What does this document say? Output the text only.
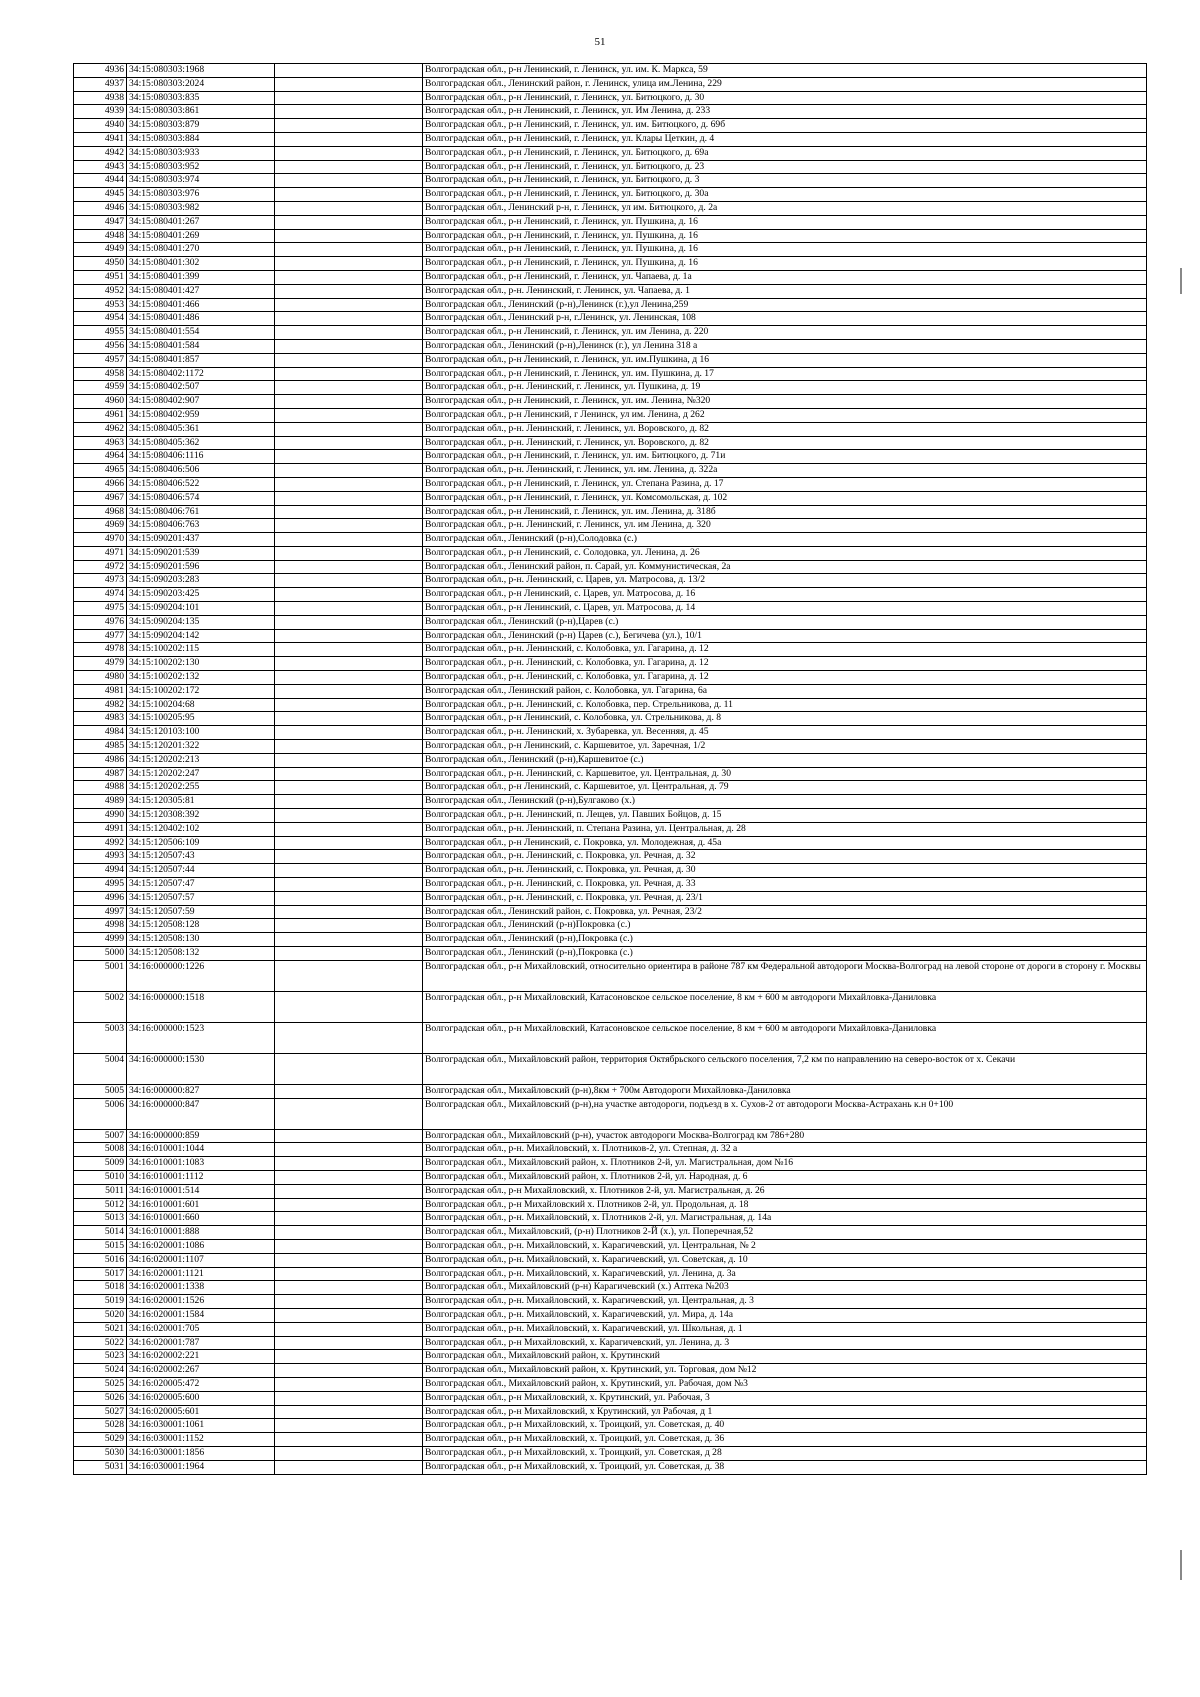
51
4936	34:15:080303:1968		Волгоградская обл., р-н Ленинский, г. Ленинск, ул. им. К. Маркса, 59
4937	34:15:080303:2024		Волгоградская обл., Ленинский район, г. Ленинск, улица им.Ленина, 229
4938	34:15:080303:835		Волгоградская обл., р-н Ленинский, г. Ленинск, ул. Битюцкого, д. 30
4939	34:15:080303:861		Волгоградская обл., р-н Ленинский, г. Ленинск, ул. Им Ленина, д. 233
4940	34:15:080303:879		Волгоградская обл., р-н Ленинский, г. Ленинск, ул. им. Битюцкого, д. 69б
4941	34:15:080303:884		Волгоградская обл., р-н Ленинский, г. Ленинск, ул. Клары Цеткин, д. 4
4942	34:15:080303:933		Волгоградская обл., р-н Ленинский, г. Ленинск, ул. Битюцкого, д. 69а
4943	34:15:080303:952		Волгоградская обл., р-н Ленинский, г. Ленинск, ул. Битюцкого, д. 23
4944	34:15:080303:974		Волгоградская обл., р-н Ленинский, г. Ленинск, ул. Битюцкого, д. 3
4945	34:15:080303:976		Волгоградская обл., р-н Ленинский, г. Ленинск, ул. Битюцкого, д. 30а
4946	34:15:080303:982		Волгоградская обл., Ленинский р-н, г. Ленинск, ул им. Битюцкого, д. 2а
4947	34:15:080401:267		Волгоградская обл., р-н Ленинский, г. Ленинск, ул. Пушкина, д. 16
4948	34:15:080401:269		Волгоградская обл., р-н Ленинский, г. Ленинск, ул. Пушкина, д. 16
4949	34:15:080401:270		Волгоградская обл., р-н Ленинский, г. Ленинск, ул. Пушкина, д. 16
4950	34:15:080401:302		Волгоградская обл., р-н Ленинский, г. Ленинск, ул. Пушкина, д. 16
4951	34:15:080401:399		Волгоградская обл., р-н Ленинский, г. Ленинск, ул. Чапаева, д. 1а
4952	34:15:080401:427		Волгоградская обл., р-н. Ленинский, г. Ленинск, ул. Чапаева, д. 1
4953	34:15:080401:466		Волгоградская обл., Ленинский (р-н),Ленинск (г.),ул Ленина,259
4954	34:15:080401:486		Волгоградская обл., Ленинский р-н, г.Ленинск, ул. Ленинская, 108
4955	34:15:080401:554		Волгоградская обл., р-н Ленинский, г. Ленинск, ул. им Ленина, д. 220
4956	34:15:080401:584		Волгоградская обл., Ленинский (р-н),Ленинск (г.), ул Ленина 318 а
4957	34:15:080401:857		Волгоградская обл., р-н Ленинский, г. Ленинск, ул. им.Пушкина, д 16
4958	34:15:080402:1172		Волгоградская обл., р-н Ленинский, г. Ленинск, ул. им. Пушкина, д. 17
4959	34:15:080402:507		Волгоградская обл., р-н. Ленинский, г. Ленинск, ул. Пушкина, д. 19
4960	34:15:080402:907		Волгоградская обл., р-н Ленинский, г. Ленинск, ул. им. Ленина, №320
4961	34:15:080402:959		Волгоградская обл., р-н Ленинский, г Ленинск, ул им. Ленина, д 262
4962	34:15:080405:361		Волгоградская обл., р-н. Ленинский, г. Ленинск, ул. Воровского, д. 82
4963	34:15:080405:362		Волгоградская обл., р-н. Ленинский, г. Ленинск, ул. Воровского, д. 82
4964	34:15:080406:1116		Волгоградская обл., р-н Ленинский, г. Ленинск, ул. им. Битюцкого, д. 71и
4965	34:15:080406:506		Волгоградская обл., р-н. Ленинский, г. Ленинск, ул. им. Ленина, д. 322а
4966	34:15:080406:522		Волгоградская обл., р-н Ленинский, г. Ленинск, ул. Степана Разина, д. 17
4967	34:15:080406:574		Волгоградская обл., р-н Ленинский, г. Ленинск, ул. Комсомольская, д. 102
4968	34:15:080406:761		Волгоградская обл., р-н Ленинский, г. Ленинск, ул. им. Ленина, д. 318б
4969	34:15:080406:763		Волгоградская обл., р-н. Ленинский, г. Ленинск, ул. им Ленина, д. 320
4970	34:15:090201:437		Волгоградская обл., Ленинский (р-н),Солодовка (с.)
4971	34:15:090201:539		Волгоградская обл., р-н Ленинский, с. Солодовка, ул. Ленина, д. 26
4972	34:15:090201:596		Волгоградская обл., Ленинский район, п. Сарай, ул. Коммунистическая, 2а
4973	34:15:090203:283		Волгоградская обл., р-н. Ленинский, с. Царев, ул. Матросова, д. 13/2
4974	34:15:090203:425		Волгоградская обл., р-н Ленинский, с. Царев, ул. Матросова, д. 16
4975	34:15:090204:101		Волгоградская обл., р-н Ленинский, с. Царев, ул. Матросова, д. 14
4976	34:15:090204:135		Волгоградская обл., Ленинский (р-н),Царев (с.)
4977	34:15:090204:142		Волгоградская обл., Ленинский (р-н) Царев (с.), Бегичева (ул.), 10/1
4978	34:15:100202:115		Волгоградская обл., р-н. Ленинский, с. Колобовка, ул. Гагарина, д. 12
4979	34:15:100202:130		Волгоградская обл., р-н. Ленинский, с. Колобовка, ул. Гагарина, д. 12
4980	34:15:100202:132		Волгоградская обл., р-н. Ленинский, с. Колобовка, ул. Гагарина, д. 12
4981	34:15:100202:172		Волгоградская обл., Ленинский район, с. Колобовка, ул. Гагарина, 6а
4982	34:15:100204:68		Волгоградская обл., р-н. Ленинский, с. Колобовка, пер. Стрельникова, д. 11
4983	34:15:100205:95		Волгоградская обл., р-н Ленинский, с. Колобовка, ул. Стрельникова, д. 8
4984	34:15:120103:100		Волгоградская обл., р-н. Ленинский, х. Зубаревка, ул. Весенняя, д. 45
4985	34:15:120201:322		Волгоградская обл., р-н Ленинский, с. Каршевитое, ул. Заречная, 1/2
4986	34:15:120202:213		Волгоградская обл., Ленинский (р-н),Каршевитое (с.)
4987	34:15:120202:247		Волгоградская обл., р-н. Ленинский, с. Каршевитое, ул. Центральная, д. 30
4988	34:15:120202:255		Волгоградская обл., р-н Ленинский, с. Каршевитое, ул. Центральная, д. 79
4989	34:15:120305:81		Волгоградская обл., Ленинский (р-н),Булгаково (х.)
4990	34:15:120308:392		Волгоградская обл., р-н. Ленинский, п. Лещев, ул. Павших Бойцов, д. 15
4991	34:15:120402:102		Волгоградская обл., р-н. Ленинский, п. Степана Разина, ул. Центральная, д. 28
4992	34:15:120506:109		Волгоградская обл., р-н Ленинский, с. Покровка, ул. Молодежная, д. 45а
4993	34:15:120507:43		Волгоградская обл., р-н. Ленинский, с. Покровка, ул. Речная, д. 32
4994	34:15:120507:44		Волгоградская обл., р-н. Ленинский, с. Покровка, ул. Речная, д. 30
4995	34:15:120507:47		Волгоградская обл., р-н. Ленинский, с. Покровка, ул. Речная, д. 33
4996	34:15:120507:57		Волгоградская обл., р-н. Ленинский, с. Покровка, ул. Речная, д. 23/1
4997	34:15:120507:59		Волгоградская обл., Ленинский район, с. Покровка, ул. Речная, 23/2
4998	34:15:120508:128		Волгоградская обл., Ленинский (р-н)Покровка (с.)
4999	34:15:120508:130		Волгоградская обл., Ленинский (р-н),Покровка (с.)
5000	34:15:120508:132		Волгоградская обл., Ленинский (р-н),Покровка (с.)
5001	34:16:000000:1226		Волгоградская обл., р-н Михайловский, относительно ориентира в районе 787 км Федеральной автодороги Москва-Волгоград на левой стороне от дороги в сторону г. Москвы
5002	34:16:000000:1518		Волгоградская обл., р-н Михайловский, Катасоновское сельское поселение, 8 км + 600 м автодороги Михайловка-Даниловка
5003	34:16:000000:1523		Волгоградская обл., р-н Михайловский, Катасоновское сельское поселение, 8 км + 600 м автодороги Михайловка-Даниловка
5004	34:16:000000:1530		Волгоградская обл., Михайловский район, территория Октябрьского сельского поселения, 7,2 км по направлению на северо-восток от х. Секачи
5005	34:16:000000:827		Волгоградская обл., Михайловский (р-н),8км + 700м Автодороги Михайловка-Даниловка
5006	34:16:000000:847		Волгоградская обл., Михайловский (р-н),на участке автодороги, подъезд в х. Сухов-2 от автодороги Москва-Астрахань к.н 0+100
5007	34:16:000000:859		Волгоградская обл., Михайловский (р-н), участок автодороги Москва-Волгоград км 786+280
5008	34:16:010001:1044		Волгоградская обл., р-н. Михайловский, х. Плотников-2, ул. Степная, д. 32 а
5009	34:16:010001:1083		Волгоградская обл., Михайловский район, х. Плотников 2-й, ул. Магистральная, дом №16
5010	34:16:010001:1112		Волгоградская обл., Михайловский район, х. Плотников 2-й, ул. Народная, д. 6
5011	34:16:010001:514		Волгоградская обл., р-н Михайловский, х. Плотников 2-й, ул. Магистральная, д. 26
5012	34:16:010001:601		Волгоградская обл., р-н Михайловский х. Плотников 2-й, ул. Продольная, д. 18
5013	34:16:010001:660		Волгоградская обл., р-н. Михайловский, х. Плотников 2-й, ул. Магистральная, д. 14а
5014	34:16:010001:888		Волгоградская обл., Михайловский, (р-н) Плотников 2-Й (х.), ул. Поперечная,52
5015	34:16:020001:1086		Волгоградская обл., р-н. Михайловский, х. Карагичевский, ул. Центральная, № 2
5016	34:16:020001:1107		Волгоградская обл., р-н. Михайловский, х. Карагичевский, ул. Советская, д. 10
5017	34:16:020001:1121		Волгоградская обл., р-н. Михайловский, х. Карагичевский, ул. Ленина, д. 3а
5018	34:16:020001:1338		Волгоградская обл., Михайловский (р-н) Карагичевский (х.) Аптека №203
5019	34:16:020001:1526		Волгоградская обл., р-н. Михайловский, х. Карагичевский, ул. Центральная, д. 3
5020	34:16:020001:1584		Волгоградская обл., р-н. Михайловский, х. Карагичевский, ул. Мира, д. 14а
5021	34:16:020001:705		Волгоградская обл., р-н. Михайловский, х. Карагичевский, ул. Школьная, д. 1
5022	34:16:020001:787		Волгоградская обл., р-н Михайловский, х. Карагичевский, ул. Ленина, д. 3
5023	34:16:020002:221		Волгоградская обл., Михайловский район, х. Крутинский
5024	34:16:020002:267		Волгоградская обл., Михайловский район, х. Крутинский, ул. Торговая, дом №12
5025	34:16:020005:472		Волгоградская обл., Михайловский район, х. Крутинский, ул. Рабочая, дом №3
5026	34:16:020005:600		Волгоградская обл., р-н Михайловский, х. Крутинский, ул. Рабочая, 3
5027	34:16:020005:601		Волгоградская обл., р-н Михайловский, х Крутинский, ул Рабочая, д 1
5028	34:16:030001:1061		Волгоградская обл., р-н Михайловский, х. Троицкий, ул. Советская, д. 40
5029	34:16:030001:1152		Волгоградская обл., р-н Михайловский, х. Троицкий, ул. Советская, д. 36
5030	34:16:030001:1856		Волгоградская обл., р-н Михайловский, х. Троицкий, ул. Советская, д 28
5031	34:16:030001:1964		Волгоградская обл., р-н Михайловский, х. Троицкий, ул. Советская, д. 38
